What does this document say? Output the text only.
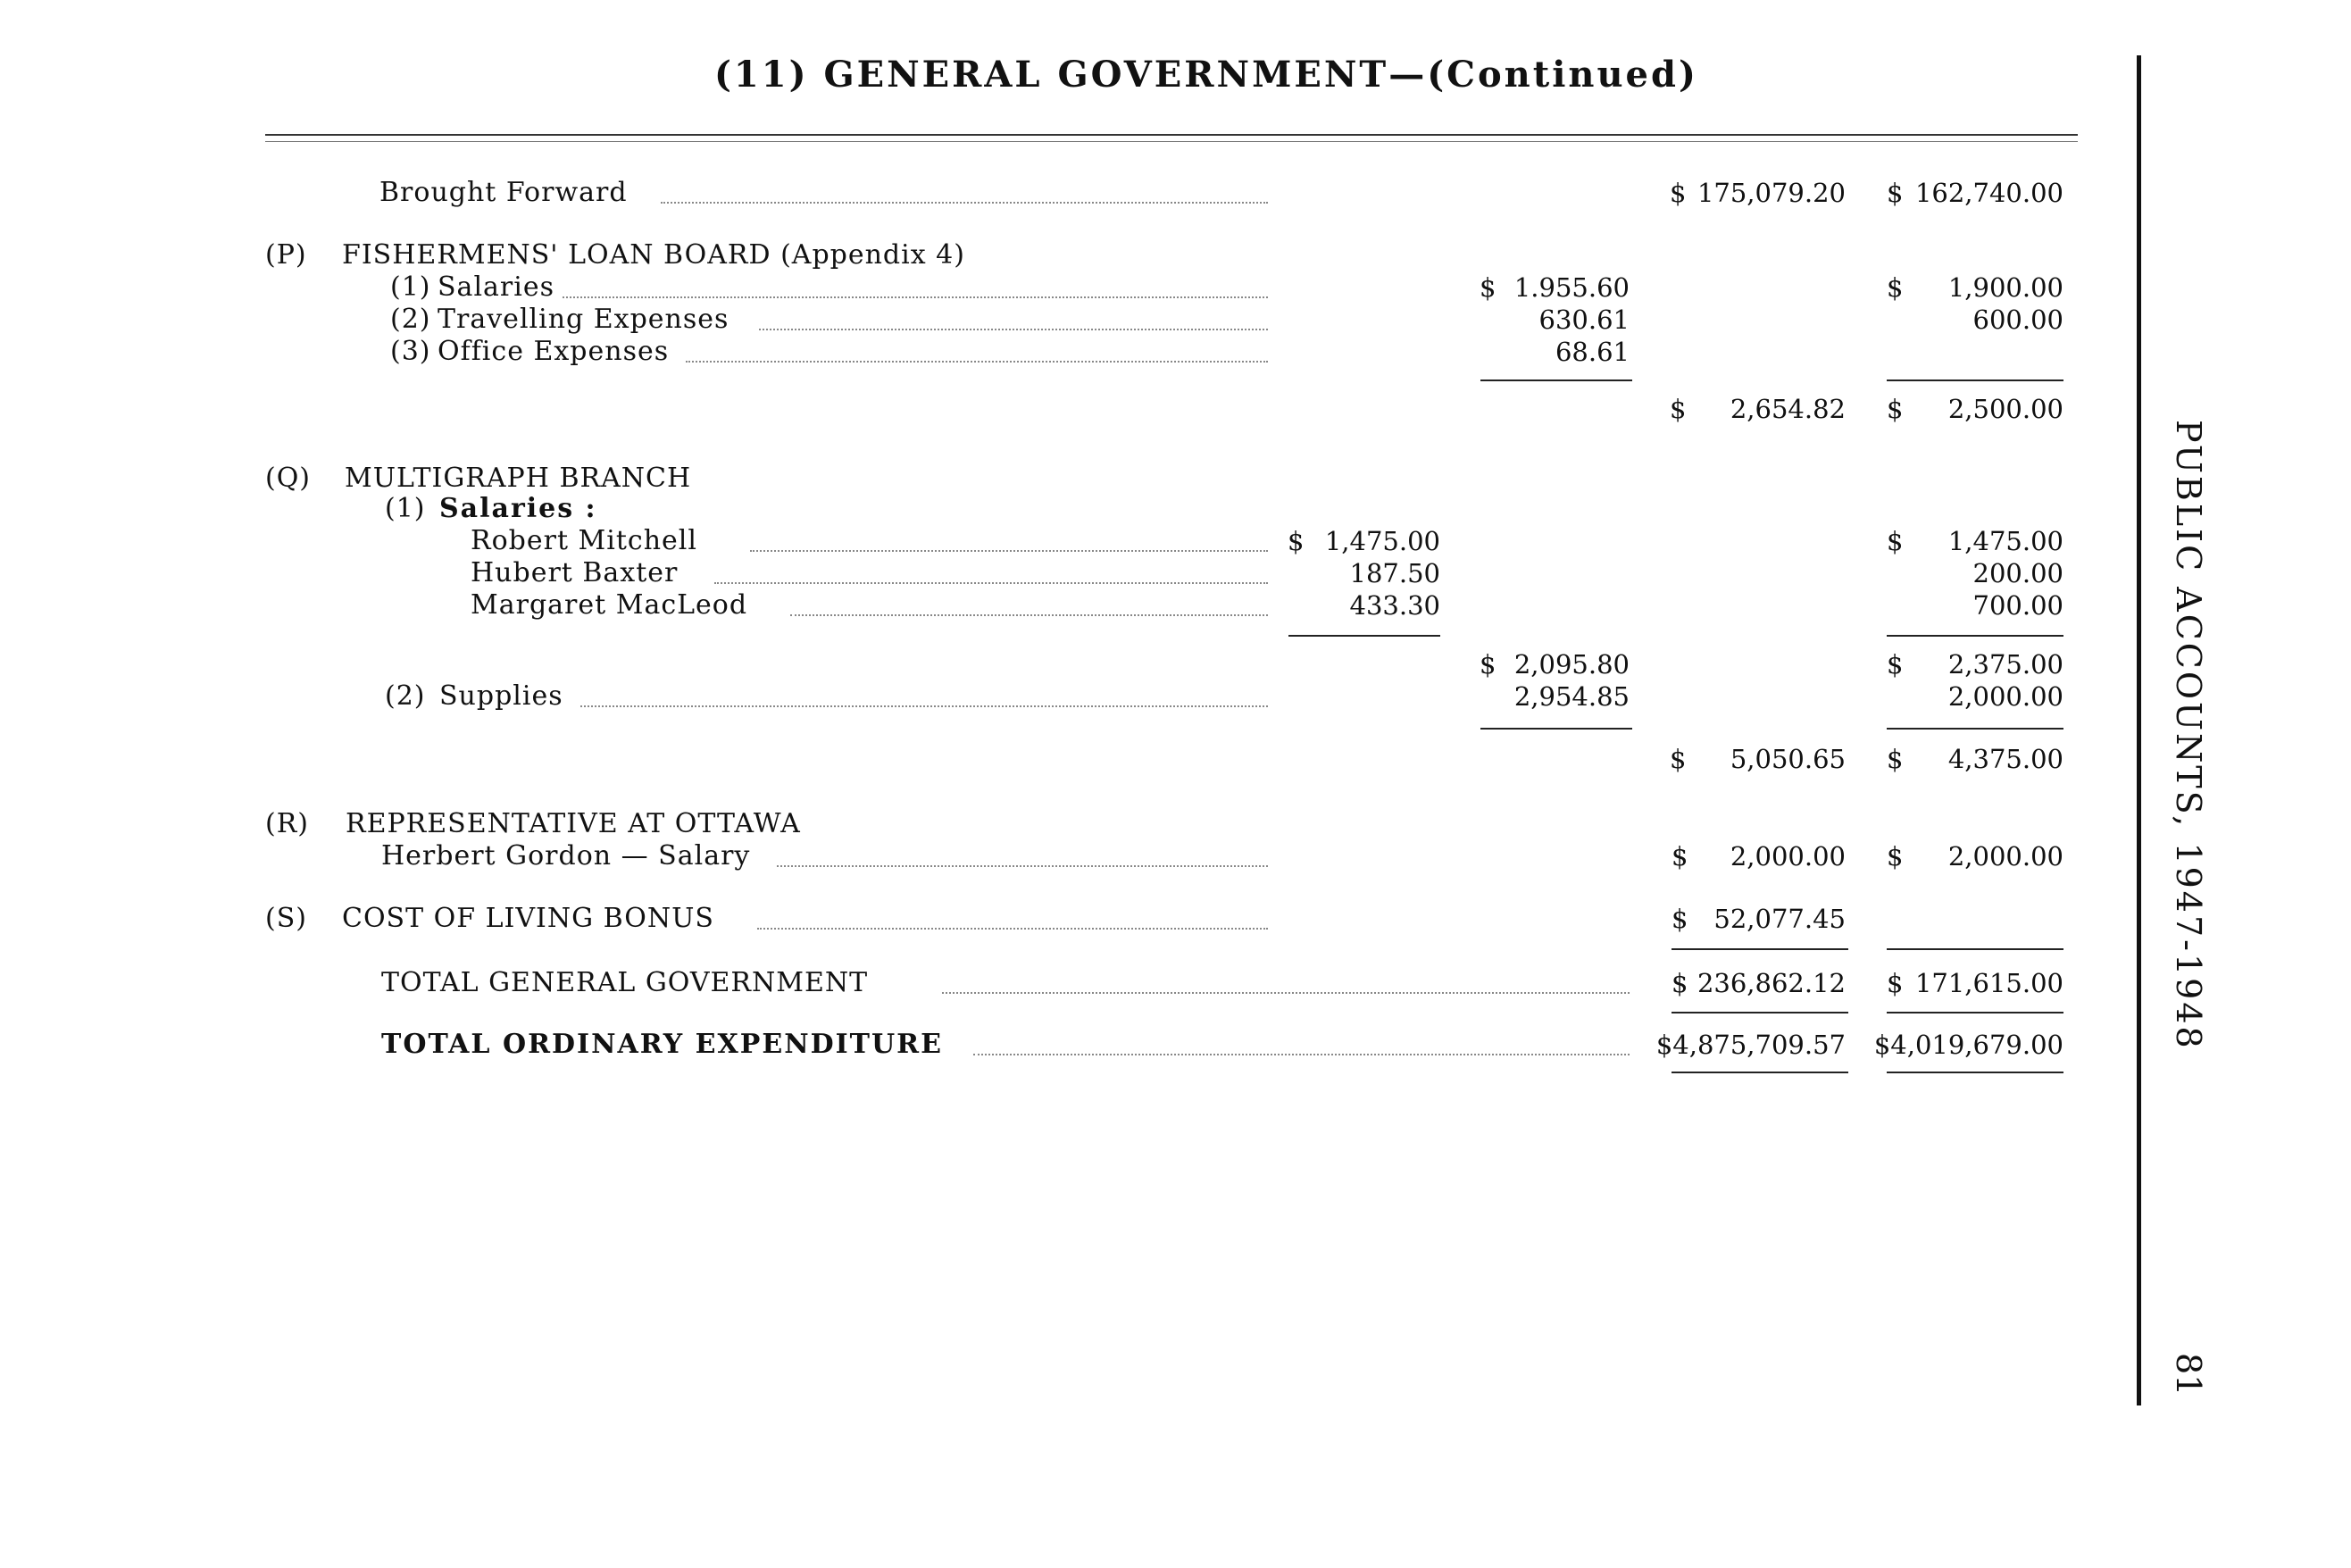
(11) GENERAL GOVERNMENT—(Continued)
PUBLIC ACCOUNTS, 1947-1948
81
Brought Forward	$ 175,079.20 $ 162,740.00
(P) FISHERMENS' LOAN BOARD (Appendix 4)
(1) Salaries	$ 1.955.60	$ 1,900.00
(2) Travelling Expenses	630.61	600.00
(3) Office Expenses	68.61
$ 2,654.82 $ 2,500.00
(Q) MULTIGRAPH BRANCH
(1) Salaries :
Robert Mitchell	$ 1,475.00	$ 1,475.00
Hubert Baxter	187.50	200.00
Margaret MacLeod	433.30	700.00
$ 2,095.80	$ 2,375.00
(2) Supplies	2,954.85	2,000.00
$ 5,050.65 $ 4,375.00
(R) REPRESENTATIVE AT OTTAWA
Herbert Gordon — Salary	$ 2,000.00 $ 2,000.00
(S) COST OF LIVING BONUS	$ 52,077.45
TOTAL GENERAL GOVERNMENT	$ 236,862.12 $ 171,615.00
TOTAL ORDINARY EXPENDITURE	$4,875,709.57 $4,019,679.00
